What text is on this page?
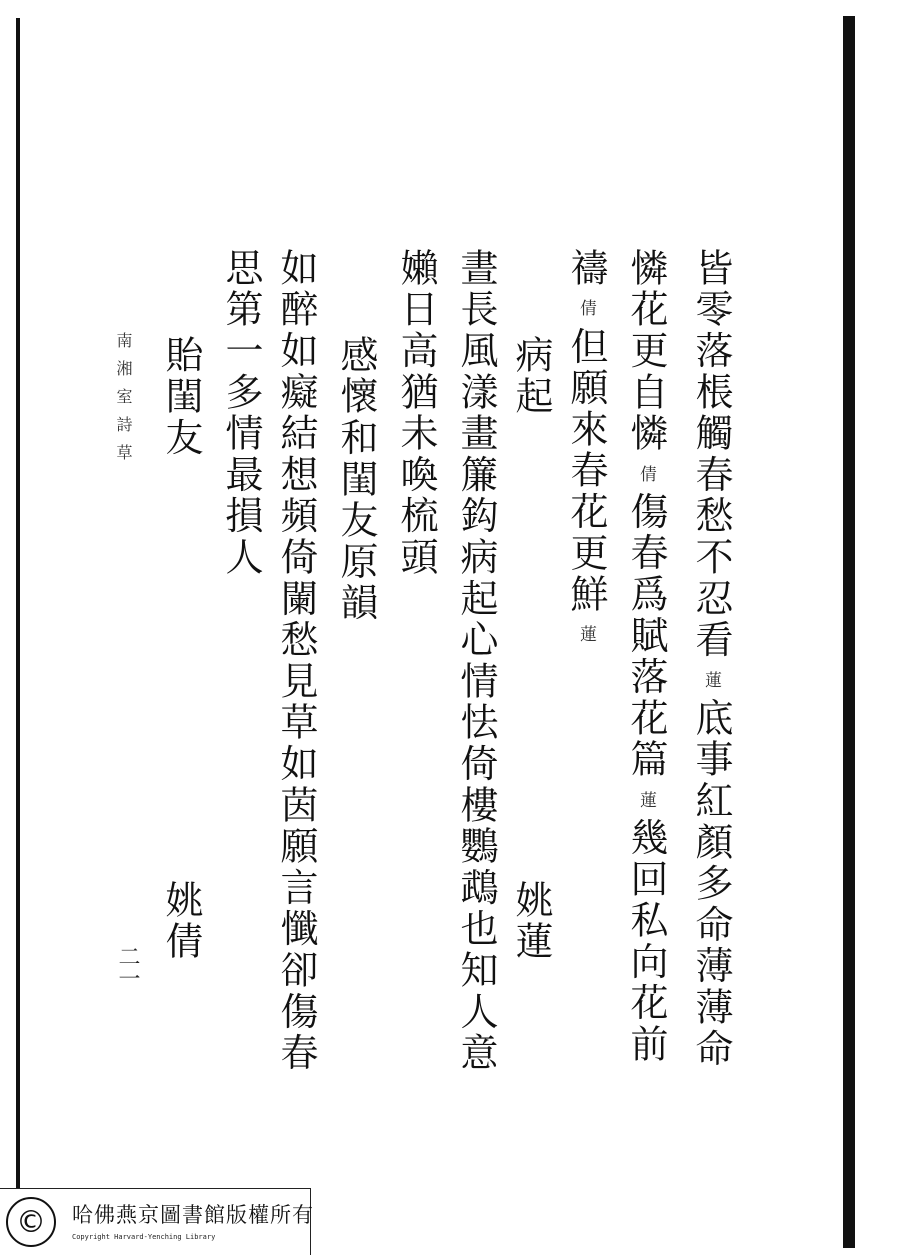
皆零落棖觸春愁不忍看蓮底事紅顏多命薄薄命
憐花更自憐倩傷春爲賦落花篇蓮幾回私向花前
禱倩但願來春花更鮮蓮
病起
姚蓮
晝長風漾畫簾鈎病起心情怯倚樓鸚鵡也知人意
嬾日高猶未喚梳頭
感懷和閨友原韻
如醉如癡結想頻倚闌愁見草如茵願言懺卻傷春
思第一多情最損人
貽閨友
姚倩
南湘室詩草
二一
©	哈佛燕京圖書館版權所有
Copyright Harvard-Yenching Library
